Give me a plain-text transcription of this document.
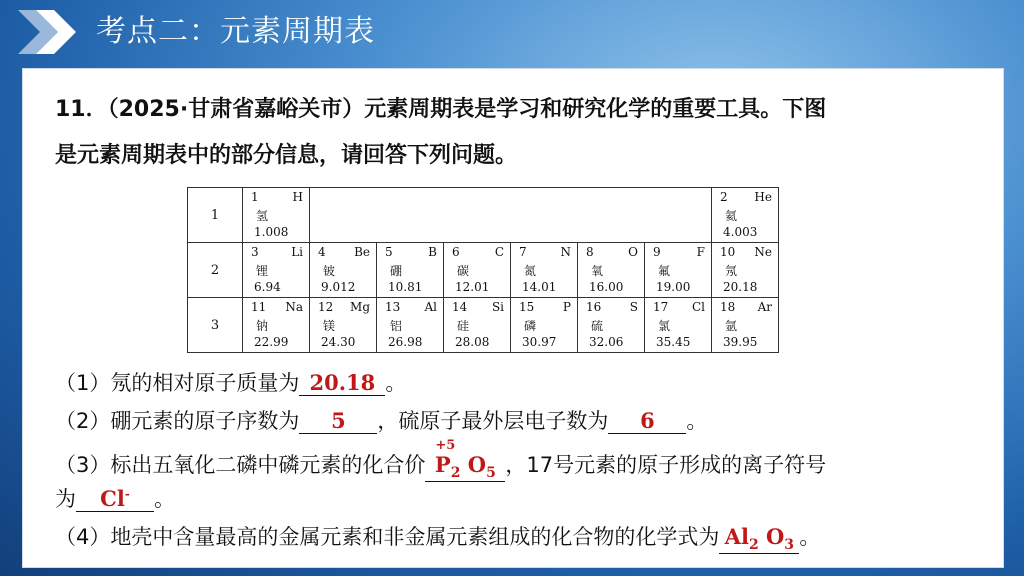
考点二：元素周期表
11．（2025·甘肃省嘉峪关市）元素周期表是学习和研究化学的重要工具。下图
是元素周期表中的部分信息，请回答下列问题。
1	1 H
氢
1.008							2 He
氦
4.003

2	3 Li
锂
6.94	4 Be
铍
9.012	5 B
硼
10.81	6 C
碳
12.01	7 N
氮
14.01	8 O
氧
16.00	9 F
氟
19.00	10 Ne
氖
20.18

3	11 Na
钠
22.99	12 Mg
镁
24.30	13 Al
铝
26.98	14 Si
硅
28.08	15 P
磷
30.97	16 S
硫
32.06	17 Cl
氯
35.45	18 Ar
氩
39.95
（1）氖的相对原子质量为 20.18 。
（2）硼元素的原子序数为 5 ，硫原子最外层电子数为 6 。
（3）标出五氧化二磷中磷元素的化合价
+5
$P_2$ $O_5$ ，17号元素的原子形成的离子符号
为 Cl- 。
（4）地壳中含量最高的金属元素和非金属元素组成的化合物的化学式为 $Al_2$ $O_3$ 。
